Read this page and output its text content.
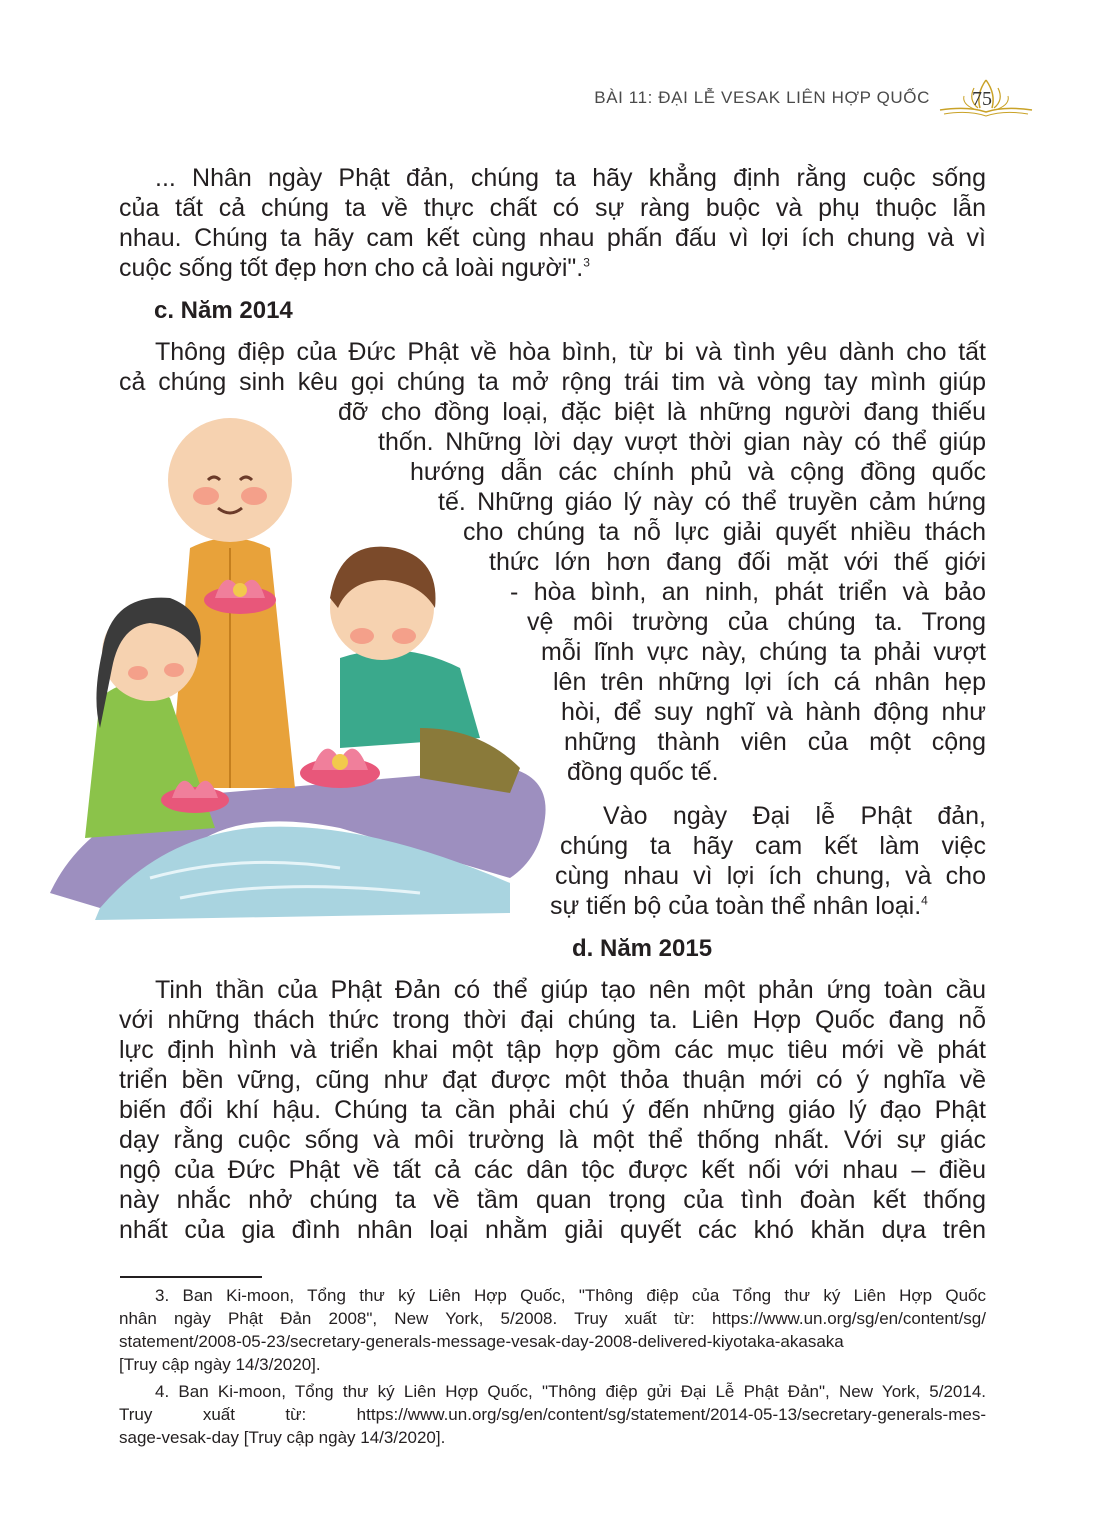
BÀI 11: ĐẠI LỄ VESAK LIÊN HỢP QUỐC 75
... Nhân ngày Phật đản, chúng ta hãy khẳng định rằng cuộc sống
của tất cả chúng ta về thực chất có sự ràng buộc và phụ thuộc lẫn
nhau. Chúng ta hãy cam kết cùng nhau phấn đấu vì lợi ích chung và vì
cuộc sống tốt đẹp hơn cho cả loài người".$^3$
c. Năm 2014
Thông điệp của Đức Phật về hòa bình, từ bi và tình yêu dành cho tất
cả chúng sinh kêu gọi chúng ta mở rộng trái tim và vòng tay mình giúp
đỡ cho đồng loại, đặc biệt là những người đang thiếu
thốn. Những lời dạy vượt thời gian này có thể giúp
hướng dẫn các chính phủ và cộng đồng quốc
tế. Những giáo lý này có thể truyền cảm hứng
cho chúng ta nỗ lực giải quyết nhiều thách
thức lớn hơn đang đối mặt với thế giới
- hòa bình, an ninh, phát triển và bảo
vệ môi trường của chúng ta. Trong
mỗi lĩnh vực này, chúng ta phải vượt
lên trên những lợi ích cá nhân hẹp
hòi, để suy nghĩ và hành động như
những thành viên của một cộng
đồng quốc tế.
Vào ngày Đại lễ Phật đản,
chúng ta hãy cam kết làm việc
cùng nhau vì lợi ích chung, và cho
sự tiến bộ của toàn thể nhân loại.$^4$
d. Năm 2015
Tinh thần của Phật Đản có thể giúp tạo nên một phản ứng toàn cầu
với những thách thức trong thời đại chúng ta. Liên Hợp Quốc đang nỗ
lực định hình và triển khai một tập hợp gồm các mục tiêu mới về phát
triển bền vững, cũng như đạt được một thỏa thuận mới có ý nghĩa về
biến đổi khí hậu. Chúng ta cần phải chú ý đến những giáo lý đạo Phật
dạy rằng cuộc sống và môi trường là một thể thống nhất. Với sự giác
ngộ của Đức Phật về tất cả các dân tộc được kết nối với nhau – điều
này nhắc nhở chúng ta về tầm quan trọng của tình đoàn kết thống
nhất của gia đình nhân loại nhằm giải quyết các khó khăn dựa trên
3. Ban Ki-moon, Tổng thư ký Liên Hợp Quốc, "Thông điệp của Tổng thư ký Liên Hợp Quốc
nhân ngày Phật Đản 2008", New York, 5/2008. Truy xuất từ: https://www.un.org/sg/en/content/sg/
statement/2008-05-23/secretary-generals-message-vesak-day-2008-delivered-kiyotaka-akasaka
[Truy cập ngày 14/3/2020].
4. Ban Ki-moon, Tổng thư ký Liên Hợp Quốc, "Thông điệp gửi Đại Lễ Phật Đản", New York, 5/2014.
Truy xuất từ: https://www.un.org/sg/en/content/sg/statement/2014-05-13/secretary-generals-mes-
sage-vesak-day [Truy cập ngày 14/3/2020].
